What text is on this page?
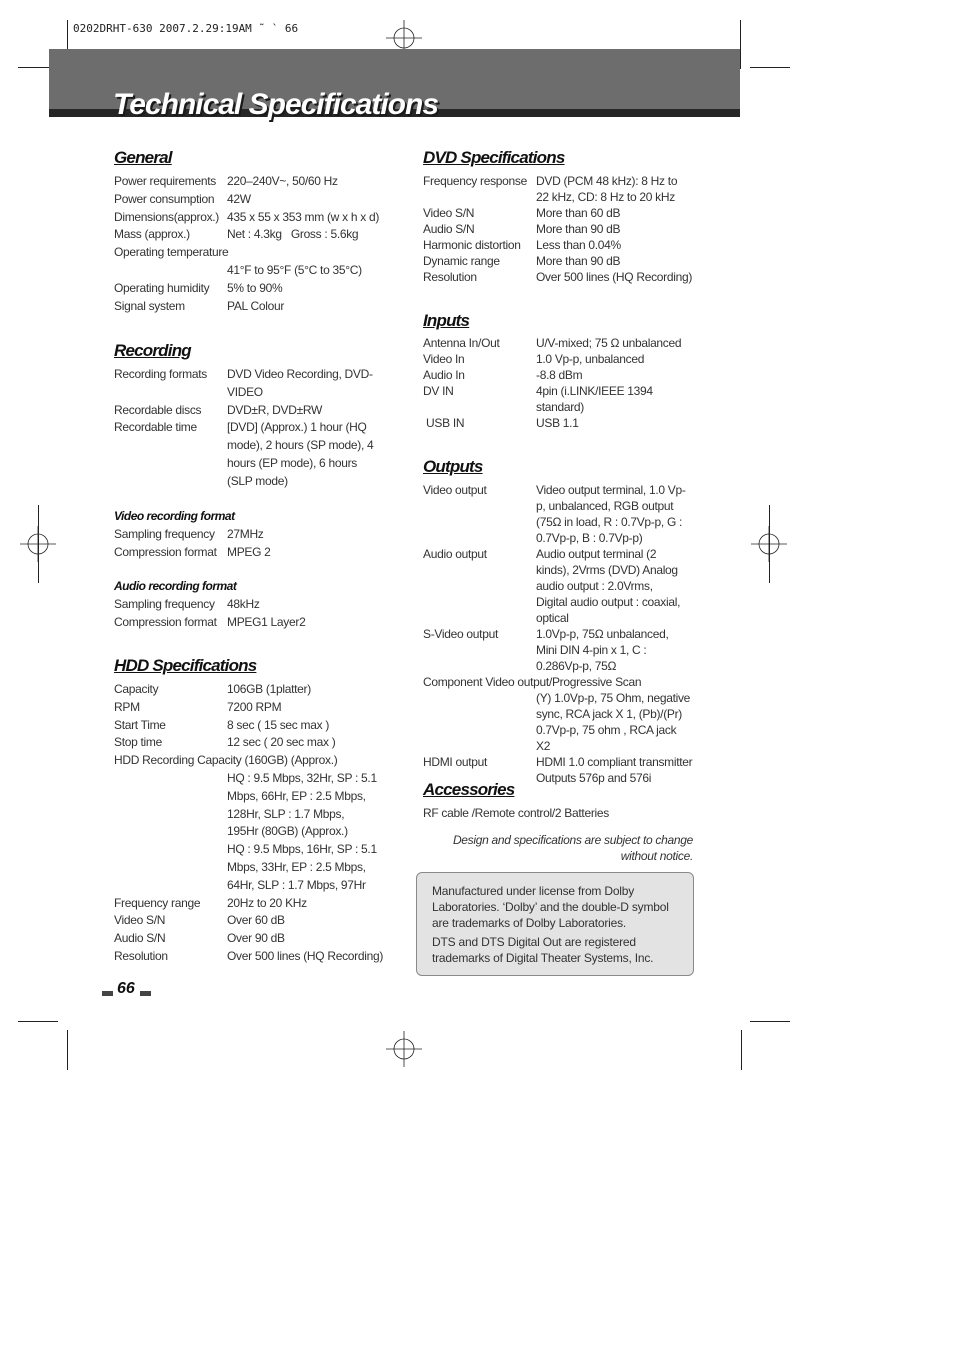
0202DRHT-630 2007.2.29:19AM ˜ ` 66
Technical Specifications
General
Power requirements 220–240V~, 50/60 Hz
Power consumption	42W
Dimensions(approx.) 435 x 55 x 353 mm (w x h x d)
Mass (approx.)	Net : 4.3kg   Gross : 5.6kg
Operating temperature
41°F to 95°F (5°C to 35°C)
Operating humidity	5% to 90%
Signal system	PAL Colour
Recording
Recording formats	DVD Video Recording, DVD-VIDEO
Recordable discs	DVD±R, DVD±RW
Recordable time	[DVD] (Approx.) 1 hour (HQ mode), 2 hours (SP mode), 4 hours (EP mode), 6 hours (SLP mode)
Video recording format
Sampling frequency	27MHz
Compression format MPEG 2
Audio recording format
Sampling frequency	48kHz
Compression format MPEG1 Layer2
HDD Specifications
Capacity	106GB (1platter)
RPM	7200 RPM
Start Time	8 sec ( 15 sec max )
Stop time	12 sec ( 20 sec max )
HDD Recording Capacity (160GB) (Approx.)
HQ : 9.5 Mbps, 32Hr, SP : 5.1 Mbps, 66Hr, EP : 2.5 Mbps, 128Hr, SLP : 1.7 Mbps, 195Hr (80GB) (Approx.)
HQ : 9.5 Mbps, 16Hr, SP : 5.1 Mbps, 33Hr, EP : 2.5 Mbps, 64Hr, SLP : 1.7 Mbps, 97Hr
Frequency range	20Hz to 20 KHz
Video S/N	Over 60 dB
Audio S/N	Over 90 dB
Resolution	Over 500 lines (HQ Recording)
DVD Specifications
Frequency response DVD (PCM 48 kHz): 8 Hz to 22 kHz, CD: 8 Hz to 20 kHz
Video S/N	More than 60 dB
Audio S/N	More than 90 dB
Harmonic distortion	Less than 0.04%
Dynamic range	More than 90 dB
Resolution	Over 500 lines (HQ Recording)
Inputs
Antenna In/Out	U/V-mixed; 75 Ω unbalanced
Video In	1.0 Vp-p, unbalanced
Audio In	-8.8 dBm
DV IN	4pin (i.LINK/IEEE 1394 standard)
USB IN	USB 1.1
Outputs
Video output	Video output terminal, 1.0 Vp-p, unbalanced, RGB output (75Ω in load, R : 0.7Vp-p, G : 0.7Vp-p, B : 0.7Vp-p)
Audio output	Audio output terminal (2 kinds), 2Vrms (DVD) Analog audio output : 2.0Vrms, Digital audio output : coaxial, optical
S-Video output	1.0Vp-p, 75Ω unbalanced, Mini DIN 4-pin x 1, C : 0.286Vp-p, 75Ω
Component Video output/Progressive Scan
(Y) 1.0Vp-p, 75 Ohm, negative sync, RCA jack X 1, (Pb)/(Pr) 0.7Vp-p, 75 ohm , RCA jack X2
HDMI output	HDMI 1.0 compliant transmitter Outputs 576p and 576i
Accessories
RF cable /Remote control/2 Batteries
Design and specifications are subject to change without notice.

Manufactured under license from Dolby Laboratories. ‘Dolby’ and the double-D symbol are trademarks of Dolby Laboratories.

DTS and DTS Digital Out are registered trademarks of Digital Theater Systems, Inc.

66
